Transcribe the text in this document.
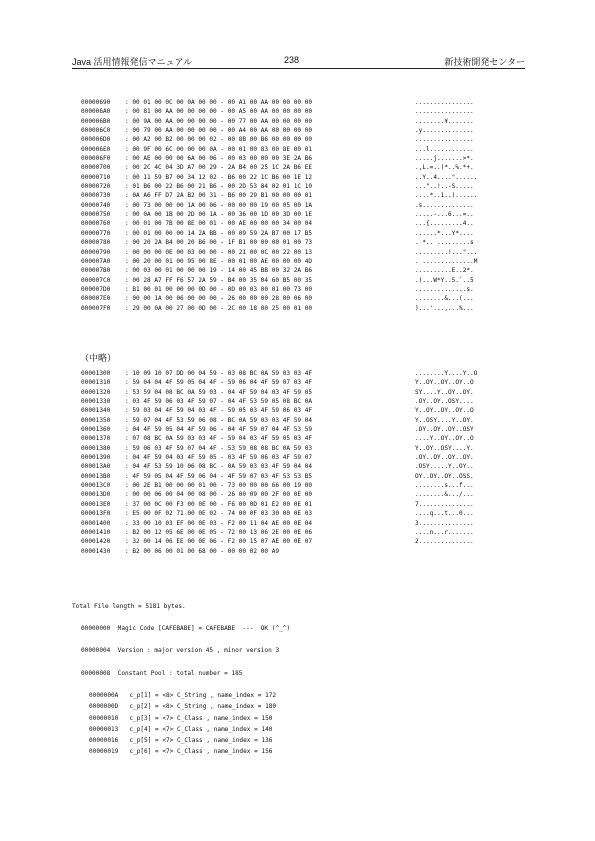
Java 活用情報発信マニュアル	238	新技術開発センター
00000690 : 00 01 00 0C 00 0A 00 00 - 00 A1 00 AA 00 00 00 00	................
000006A0 : 00 81 00 AA 00 00 00 00 - 00 A5 00 AA 00 00 00 00	................
000006B0 : 00 9A 00 AA 00 00 00 00 - 00 77 00 AA 00 00 00 00	........¥.......
000006C0 : 00 79 00 AA 00 00 00 00 - 00 A4 00 AA 00 00 00 00	.y..............
000006D0 : 00 A2 00 B2 00 00 00 02 - 00 8B 00 B6 00 00 00 00	................
000006E0 : 00 9F 00 6C 00 00 00 0A - 00 01 00 83 00 8E 00 01	...l............
000006F0 : 00 AE 00 00 00 6A 00 06 - 00 03 00 00 00 3E 2A B6	.....j.......>*.
00000700 : 00 2C 4C 04 3D A7 00 29 - 2A B4 00 25 1C 2A B6 EE	.,L.=..)*..%.*+.
00000710 : 00 11 59 B7 00 34 12 02 - B6 00 22 1C B6 00 1E 12	..Y..4...."......
00000720 : 01 B6 00 22 B6 00 21 B6 - 00 2D 53 84 02 01 1C 10	..."..!..-S.....
00000730 : 0A A6 FF D7 2A B2 00 31 - B6 00 29 B1 00 00 00 01	....*..1..)......
00000740 : 00 73 00 00 00 1A 00 06 - 00 00 00 19 00 05 00 1A	.s..............
00000750 : 00 0A 00 1B 00 2D 00 1A - 00 36 00 1D 00 3D 00 1E	.....-...6...=..
00000760 : 00 01 00 7B 00 8E 00 01 - 00 AE 00 00 00 34 00 04	...{.........4..
00000770 : 00 01 00 00 00 14 2A BB - 00 09 59 2A B7 00 17 B5	......*...Y*....
00000780 : 00 20 2A B4 00 20 B6 00 - 1F B1 00 00 00 01 00 73	. *.. .........s
00000790 : 00 00 00 0E 00 03 00 00 - 00 21 00 0C 00 22 00 13	.........!..."...
000007A0 : 00 20 00 01 00 95 00 8E - 00 01 00 AE 00 00 00 4D	. ..............M
000007B0 : 00 03 00 01 00 00 00 19 - 14 00 45 BB 00 32 2A B6	..........E..2*.
000007C0 : 00 28 A7 FF F6 57 2A 59 - B4 00 35 04 60 B5 00 35	.(...W*Y..5.`..5
000007D0 : B1 00 01 00 00 00 0D 00 - 0D 00 03 00 01 00 73 00	..............s.
000007E0 : 00 00 1A 00 06 00 00 00 - 26 00 00 00 28 00 06 00	........&...(...
000007F0 : 29 00 0A 00 27 00 0D 00 - 2C 00 18 00 25 00 01 00	)...'...,...%...
（中略）
00001300 : 10 09 10 07 DD 00 04 59 - 03 08 BC 0A 59 03 03 4F	........Y....Y..O
00001310 : 59 04 04 4F 59 05 04 4F - 59 06 04 4F 59 07 03 4F	Y..OY..OY..OY..O
00001320 : 53 59 04 08 BC 0A 59 03 - 04 4F 59 04 03 4F 59 05	SY....Y..OY..OY.
00001330 : 03 4F 59 06 03 4F 59 07 - 04 4F 53 59 05 08 BC 0A	.OY..OY..OSY....
00001340 : 59 03 04 4F 59 04 03 4F - 59 05 03 4F 59 06 03 4F	Y..OY..OY..OY..O
00001350 : 59 07 04 4F 53 59 06 08 - BC 0A 59 03 03 4F 59 04	Y..OSY....Y..OY.
00001360 : 04 4F 59 05 04 4F 59 06 - 04 4F 59 07 04 4F 53 59	.OY..OY..OY..OSY
00001370 : 07 08 BC 0A 59 03 03 4F - 59 04 03 4F 59 05 03 4F	....Y..OY..OY..O
00001380 : 59 06 03 4F 59 07 04 4F - 53 59 08 08 BC 0A 59 03	Y..OY..OSY....Y.
00001390 : 04 4F 59 04 03 4F 59 05 - 03 4F 59 06 03 4F 59 07	.OY..OY..OY..OY.
000013A0 : 04 4F 53 59 10 06 08 BC - 0A 59 03 03 4F 59 04 04	.OSY.....Y..OY..
000013B0 : 4F 59 05 04 4F 59 06 04 - 4F 59 07 03 4F 53 53 B5	OY..OY..OY..OSS.
000013C0 : 00 2E B1 00 00 00 01 00 - 73 00 00 00 66 00 19 00	........s...f...
000013D0 : 00 00 06 00 04 00 08 00 - 26 00 09 00 2F 00 0E 00	........&.../...
000013E0 : 37 00 0C 00 F3 00 0E 00 - F6 00 0D 01 E2 00 0E 01	7...............
000013F0 : E5 00 0F 02 71 00 0E 02 - 74 00 0F 03 30 00 0E 03	....q...t...0...
00001400 : 33 00 10 03 EF 00 0E 03 - F2 00 11 04 AE 00 0E 04	3...............
00001410 : B2 00 12 05 6E 00 0E 05 - 72 00 13 06 2E 00 0E 06	....n...r.......
00001420 : 32 00 14 06 EE 00 0E 06 - F2 00 15 07 AE 00 0E 07	2...............
00001430 : B2 00 06 00 01 00 68 00 - 00 00 02 00 A9
Total File length = 5181 bytes.
00000000  Magic Code [CAFEBABE] = CAFEBABE  ---  OK (^_^)
00000004  Version : major version 45 , minor version 3
00000008  Constant Pool : total number = 185
0000000A   c_p[1] = <8> C_String , name_index = 172
0000000D   c_p[2] = <8> C_String , name_index = 180
00000010   c_p[3] = <7> C_Class , name_index = 150
00000013   c_p[4] = <7> C_Class , name_index = 140
00000016   c_p[5] = <7> C_Class , name_index = 136
00000019   c_p[6] = <7> C_Class , name_index = 156
